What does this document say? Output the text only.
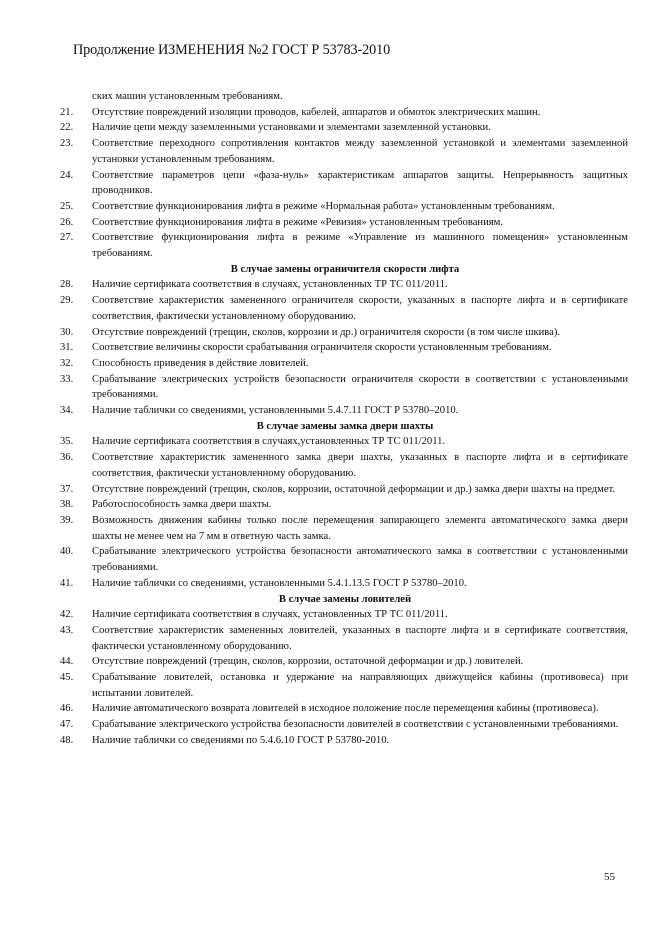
Продолжение ИЗМЕНЕНИЯ №2 ГОСТ Р 53783-2010
ских машин установленным требованиям.
21.	Отсутствие повреждений изоляции проводов, кабелей, аппаратов и обмоток электрических машин.
22.	Наличие цепи между заземленными установками и элементами заземленной установки.
23.	Соответствие переходного сопротивления контактов между заземленной установкой и элементами заземленной установки установленным требованиям.
24.	Соответствие параметров цепи «фаза-нуль» характеристикам аппаратов защиты. Непрерывность защитных проводников.
25.	Соответствие функционирования лифта в режиме «Нормальная работа» установленным требованиям.
26.	Соответствие функционирования лифта в режиме «Ревизия» установленным требованиям.
27.	Соответствие функционирования лифта в режиме «Управление из машинного помещения» установленным требованиям.
В случае замены ограничителя скорости лифта
28.	Наличие сертификата соответствия в случаях, установленных ТР ТС 011/2011.
29.	Соответствие характеристик замененного ограничителя скорости, указанных в паспорте лифта и в сертификате соответствия, фактически установленному оборудованию.
30.	Отсутствие повреждений (трещин, сколов, коррозии и др.) ограничителя скорости (в том числе шкива).
31.	Соответствие величины скорости срабатывания ограничителя скорости установленным требованиям.
32.	Способность приведения в действие ловителей.
33.	Срабатывание электрических устройств безопасности ограничителя скорости в соответствии с установленными требованиями.
34.	Наличие таблички со сведениями, установленными 5.4.7.11 ГОСТ Р 53780–2010.
В случае замены замка двери шахты
35.	Наличие сертификата соответствия в случаях,установленных ТР ТС 011/2011.
36.	Соответствие характеристик замененного замка двери шахты, указанных в паспорте лифта и в сертификате соответствия, фактически установленному оборудованию.
37.	Отсутствие повреждений (трещин, сколов, коррозии, остаточной деформации и др.) замка двери шахты на предмет.
38.	Работоспособность замка двери шахты.
39.	Возможность движения кабины только после перемещения запирающего элемента автоматического замка двери шахты не менее чем на 7 мм в ответную часть замка.
40.	Срабатывание электрического устройства безопасности автоматического замка в соответствии с установленными требованиями.
41.	Наличие таблички со сведениями, установленными 5.4.1.13.5 ГОСТ Р 53780–2010.
В случае замены ловителей
42.	Наличие сертификата соответствия в случаях, установленных ТР ТС 011/2011.
43.	Соответствие характеристик замененных ловителей, указанных в паспорте лифта и в сертификате соответствия, фактически установленному оборудованию.
44.	Отсутствие повреждений (трещин, сколов, коррозии, остаточной деформации и др.) ловителей.
45.	Срабатывание ловителей, остановка и удержание на направляющих движущейся кабины (противовеса) при испытании ловителей.
46.	Наличие автоматического возврата ловителей в исходное положение после перемещения кабины (противовеса).
47.	Срабатывание электрического устройства безопасности ловителей в соответствии с установленными требованиями.
48.	Наличие таблички со сведениями по 5.4.6.10 ГОСТ Р 53780-2010.
55
